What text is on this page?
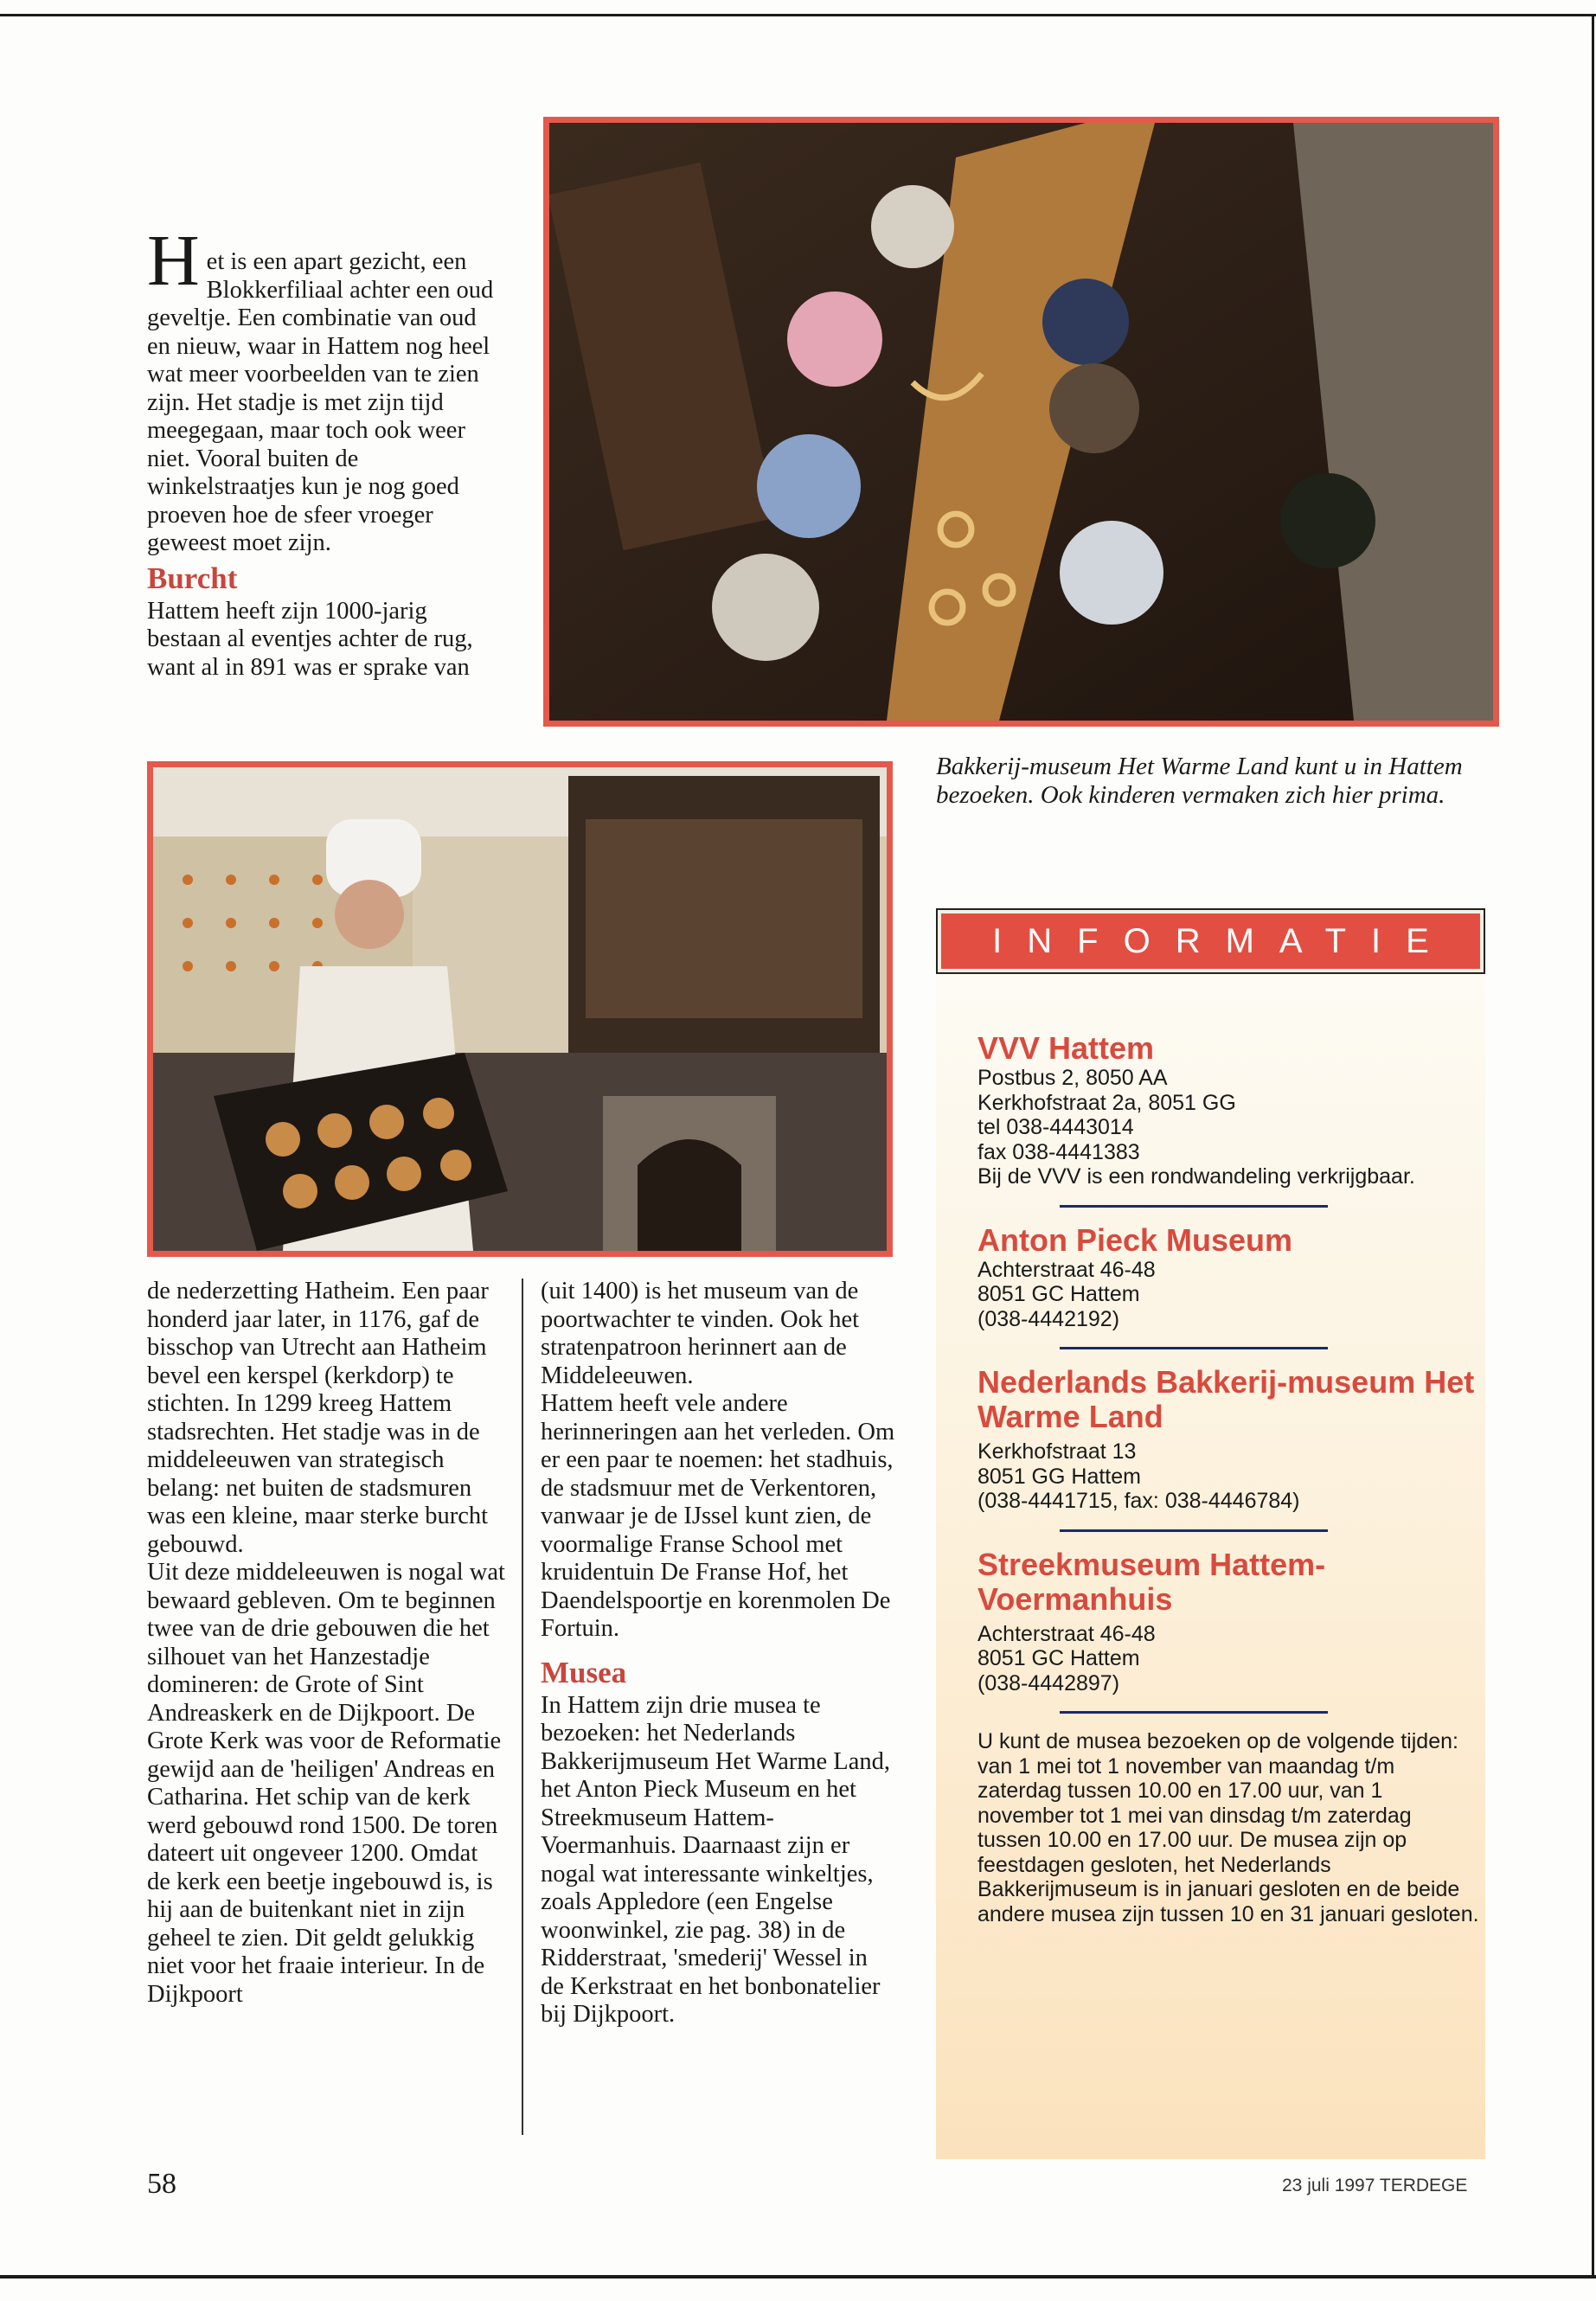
H et is een apart gezicht, een Blokkerfiliaal achter een oud geveltje. Een combinatie van oud en nieuw, waar in Hattem nog heel wat meer voorbeelden van te zien zijn. Het stadje is met zijn tijd meegegaan, maar toch ook weer niet. Vooral buiten de winkelstraatjes kun je nog goed proeven hoe de sfeer vroeger geweest moet zijn.

Burcht

Hattem heeft zijn 1000-jarig bestaan al eventjes achter de rug, want al in 891 was er sprake van

Bakkerij-museum Het Warme Land kunt u in Hattem bezoeken. Ook kinderen vermaken zich hier prima.

de nederzetting Hatheim. Een paar honderd jaar later, in 1176, gaf de bisschop van Utrecht aan Hatheim bevel een kerspel (kerkdorp) te stichten. In 1299 kreeg Hattem stadsrechten. Het stadje was in de middeleeuwen van strategisch belang: net buiten de stadsmuren was een kleine, maar sterke burcht gebouwd.

Uit deze middeleeuwen is nogal wat bewaard gebleven. Om te beginnen twee van de drie gebouwen die het silhouet van het Hanzestadje domineren: de Grote of Sint Andreaskerk en de Dijkpoort. De Grote Kerk was voor de Reformatie gewijd aan de 'heiligen' Andreas en Catharina. Het schip van de kerk werd gebouwd rond 1500. De toren dateert uit ongeveer 1200. Omdat de kerk een beetje ingebouwd is, is hij aan de buitenkant niet in zijn geheel te zien. Dit geldt gelukkig niet voor het fraaie interieur. In de Dijkpoort

(uit 1400) is het museum van de poortwachter te vinden. Ook het stratenpatroon herinnert aan de Middeleeuwen.

Hattem heeft vele andere herinneringen aan het verleden. Om er een paar te noemen: het stadhuis, de stadsmuur met de Verkentoren, vanwaar je de IJssel kunt zien, de voormalige Franse School met kruidentuin De Franse Hof, het Daendelspoortje en korenmolen De Fortuin.

Musea

In Hattem zijn drie musea te bezoeken: het Nederlands Bakkerijmuseum Het Warme Land, het Anton Pieck Museum en het Streekmuseum Hattem-Voermanhuis. Daarnaast zijn er nogal wat interessante winkeltjes, zoals Appledore (een Engelse woonwinkel, zie pag. 38) in de Ridderstraat, 'smederij' Wessel in de Kerkstraat en het bonbonatelier bij Dijkpoort.

INFORMATIE
VVV Hattem
Postbus 2, 8050 AA
Kerkhofstraat 2a, 8051 GG
tel 038-4443014
fax 038-4441383
Bij de VVV is een rondwandeling verkrijgbaar.
Anton Pieck Museum
Achterstraat 46-48
8051 GC Hattem
(038-4442192)
Nederlands Bakkerij-museum Het Warme Land
Kerkhofstraat 13
8051 GG Hattem
(038-4441715, fax: 038-4446784)
Streekmuseum Hattem-Voermanhuis
Achterstraat 46-48
8051 GC Hattem
(038-4442897)
U kunt de musea bezoeken op de volgende tijden: van 1 mei tot 1 november van maandag t/m zaterdag tussen 10.00 en 17.00 uur, van 1 november tot 1 mei van dinsdag t/m zaterdag tussen 10.00 en 17.00 uur. De musea zijn op feestdagen gesloten, het Nederlands Bakkerijmuseum is in januari gesloten en de beide andere musea zijn tussen 10 en 31 januari gesloten.
58	23 juli 1997 TERDEGE
